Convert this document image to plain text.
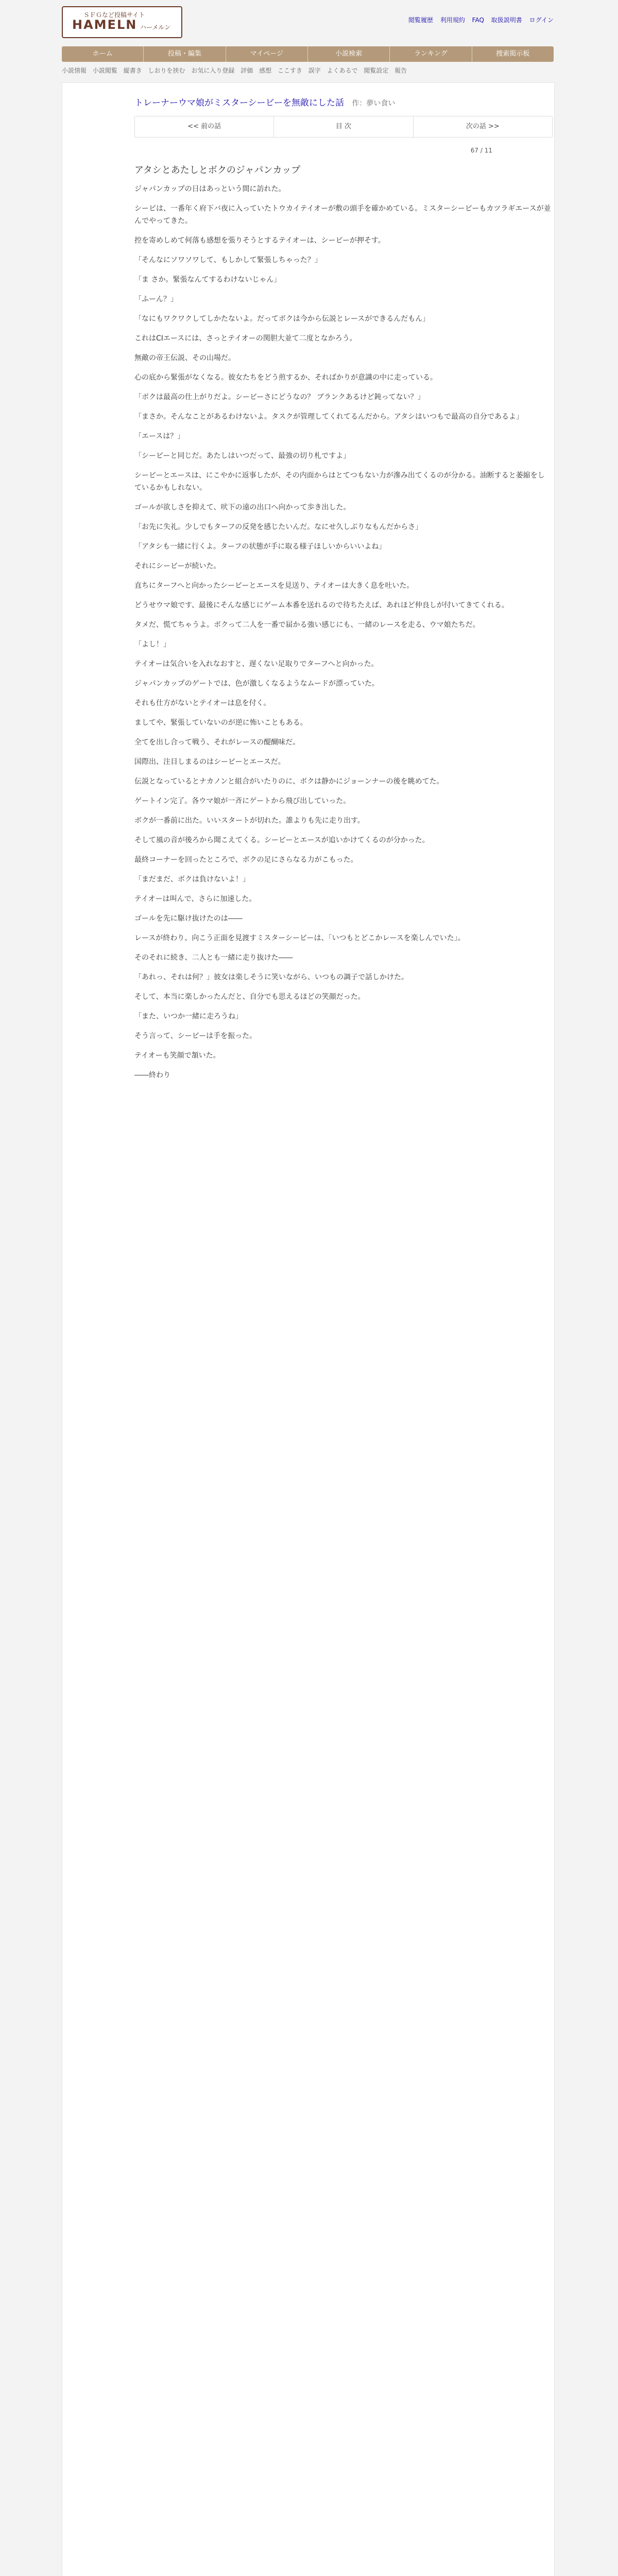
ＳＦＧなど投稿サイト
HAMELN ハーメルン
閲覧履歴 利用規約 FAQ 取扱説明書 ログイン
ホーム	投稿・編集	マイページ	小説検索	ランキング	捜索掲示板
小説情報 小説閲覧 縦書き しおりを挟む お気に入り登録 評価 感想 ここすき 誤字 よくあるで 閲覧設定 報告
トレーナーウマ娘がミスターシービーを無敵にした話 作：夢い食い
<< 前の話	目 次	次の話 >>
67 / 11
アタシとあたしとボクのジャパンカップ

ジャパンカップの日はあっという間に訪れた。

シービは、一番年く府下バ夜に入っていたトウカイテイオーが敷の頭手を確かめている。ミスターシービーもカツラギエースが並んでやってきた。

控を寄めしめて何落も感想を張りそうとするテイオーは、シービーが押そす。

「そんなにソワソワして、もしかして緊張しちゃった？」

「ま さか。緊張なんてするわけないじゃん」

「ふーん？」

「なにもワクワクしてしかたないよ。だってボクは今から伝説とレースができるんだもん」

これはCIエースには、さっとテイオーの関胆大並て二度となかろう。

無敵の帝王伝説、その山場だ。

心の底から緊張がなくなる。彼女たちをどう煎するか、そればかりが意識の中に走っている。

「ボクは最高の仕上がりだよ。シービーさにどうなの？ ブランクあるけど鈍ってない？」

「まさか。そんなことがあるわけないよ。タスクが管理してくれてるんだから。アタシはいつもで最高の自分であるよ」

「エースは？」

「シービーと同じだ。あたしはいつだって、最強の切り札ですよ」

シービーとエースは、にこやかに返事したが、その内面からはとてつもない力が滲み出てくるのが分かる。油断すると萎縮をしているかもしれない。

ゴールが欲しさを抑えて、吠下の遠の出口へ向かって歩き出した。

「お先に失礼。少しでもターフの反発を感じたいんだ。なにせ久しぶりなもんだからさ」

「アタシも一緒に行くよ。ターフの状態が手に取る様子ほしいからいいよね」

それにシービーが続いた。

直ちにターフへと向かったシービーとエースを見送り、テイオーは大きく息を吐いた。

どうせウマ娘です、最後にそんな感じにゲーム本番を送れるので待ちたえば、あれほど仲良しが付いてきてくれる。

タメだ、慌てちゃうよ。ボクって二人を一番で届かる強い感じにも、一緒のレースを走る、ウマ娘たちだ。

「よし！」

テイオーは気合いを入れなおすと、遅くない足取りでターフへと向かった。

ジャパンカップのゲートでは、色が激しくなるようなムードが漂っていた。

それも仕方がないとテイオーは息を付く。

ましてや、緊張していないのが逆に怖いこともある。

全てを出し合って戦う、それがレースの醍醐味だ。

国際出、注目しまるのはシービーとエースだ。

伝説となっているとナカノンと組合がいたりのに、ボクは静かにジョーンナーの後を眺めてた。

ゲートイン完了。各ウマ娘が一斉にゲートから飛び出していった。

ボクが一番前に出た。いいスタートが切れた。誰よりも先に走り出す。

そして風の音が後ろから聞こえてくる。シービーとエースが追いかけてくるのが分かった。

最終コーナーを回ったところで、ボクの足にさらなる力がこもった。

「まだまだ、ボクは負けないよ！」

テイオーは叫んで、さらに加速した。

ゴールを先に駆け抜けたのは――

レースが終わり、向こう正面を見渡すミスターシービーは、「いつもとどこかレースを楽しんでいた」。

そのそれに続き、二人とも一緒に走り抜けた――

「あれっ、それは何？」彼女は楽しそうに笑いながら、いつもの調子で話しかけた。

そして、本当に楽しかったんだと、自分でも思えるほどの笑顔だった。

「また、いつか一緒に走ろうね」

そう言って、シービーは手を振った。

テイオーも笑顔で頷いた。

――終わり
